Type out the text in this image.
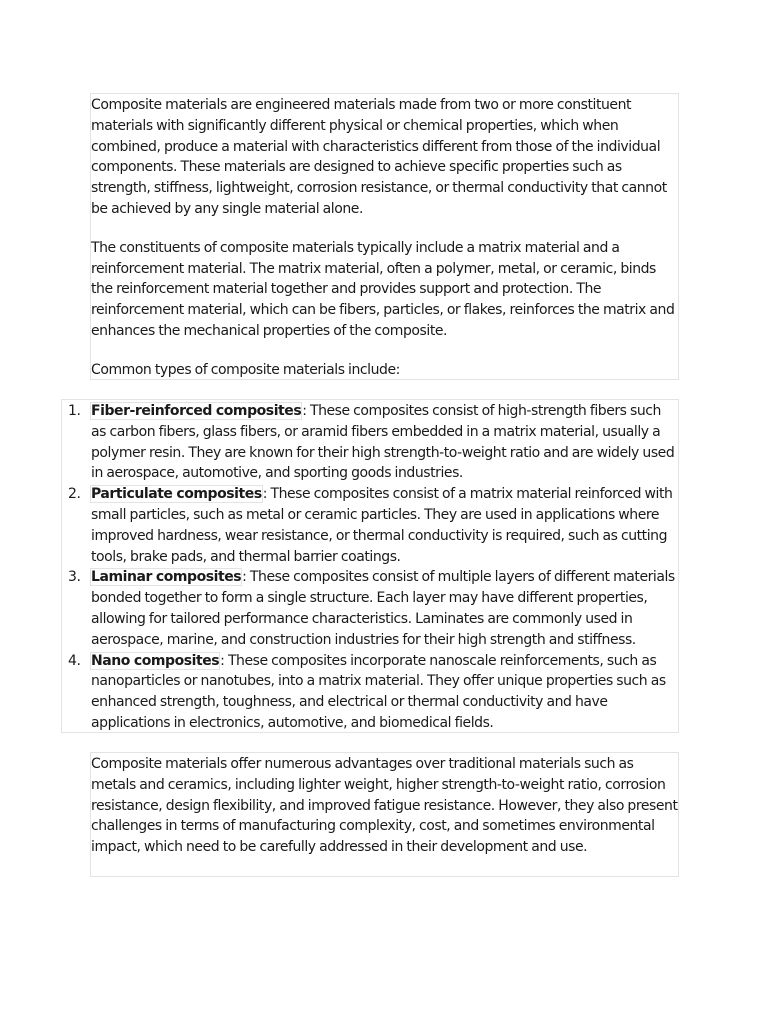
Composite materials are engineered materials made from two or more constituent materials with significantly different physical or chemical properties, which when combined, produce a material with characteristics different from those of the individual components. These materials are designed to achieve specific properties such as strength, stiffness, lightweight, corrosion resistance, or thermal conductivity that cannot be achieved by any single material alone.

The constituents of composite materials typically include a matrix material and a reinforcement material. The matrix material, often a polymer, metal, or ceramic, binds the reinforcement material together and provides support and protection. The reinforcement material, which can be fibers, particles, or flakes, reinforces the matrix and enhances the mechanical properties of the composite.

Common types of composite materials include:

1. Fiber-reinforced composites: These composites consist of high-strength fibers such as carbon fibers, glass fibers, or aramid fibers embedded in a matrix material, usually a polymer resin. They are known for their high strength-to-weight ratio and are widely used in aerospace, automotive, and sporting goods industries.
2. Particulate composites: These composites consist of a matrix material reinforced with small particles, such as metal or ceramic particles. They are used in applications where improved hardness, wear resistance, or thermal conductivity is required, such as cutting tools, brake pads, and thermal barrier coatings.
3. Laminar composites: These composites consist of multiple layers of different materials bonded together to form a single structure. Each layer may have different properties, allowing for tailored performance characteristics. Laminates are commonly used in aerospace, marine, and construction industries for their high strength and stiffness.
4. Nano composites: These composites incorporate nanoscale reinforcements, such as nanoparticles or nanotubes, into a matrix material. They offer unique properties such as enhanced strength, toughness, and electrical or thermal conductivity and have applications in electronics, automotive, and biomedical fields.

Composite materials offer numerous advantages over traditional materials such as metals and ceramics, including lighter weight, higher strength-to-weight ratio, corrosion resistance, design flexibility, and improved fatigue resistance. However, they also present challenges in terms of manufacturing complexity, cost, and sometimes environmental impact, which need to be carefully addressed in their development and use.
